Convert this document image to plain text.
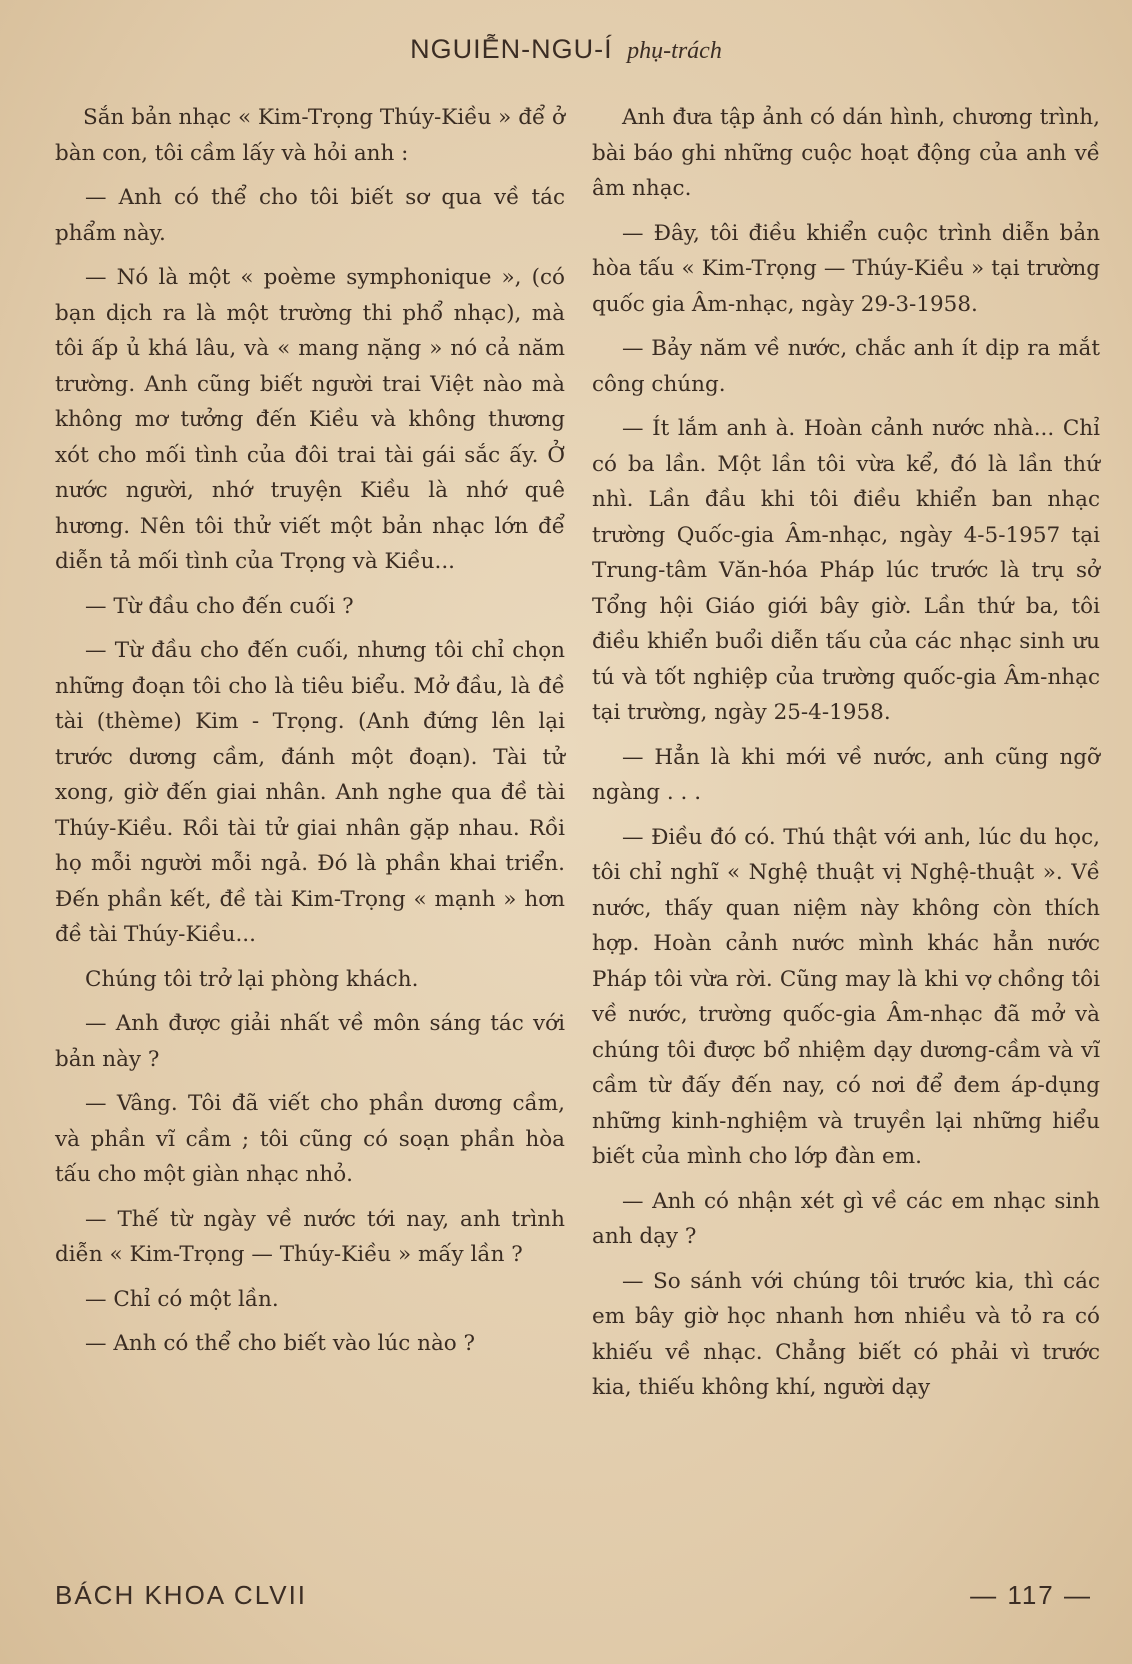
NGUIỄN-NGU-Í phụ-trách

Sắn bản nhạc « Kim-Trọng Thúy-Kiều » để ở bàn con, tôi cầm lấy và hỏi anh :

— Anh có thể cho tôi biết sơ qua về tác phẩm này.

— Nó là một « poème symphonique », (có bạn dịch ra là một trường thi phổ nhạc), mà tôi ấp ủ khá lâu, và « mang nặng » nó cả năm trường. Anh cũng biết người trai Việt nào mà không mơ tưởng đến Kiều và không thương xót cho mối tình của đôi trai tài gái sắc ấy. Ở nước người, nhớ truyện Kiều là nhớ quê hương. Nên tôi thử viết một bản nhạc lớn để diễn tả mối tình của Trọng và Kiều...

— Từ đầu cho đến cuối ?

— Từ đầu cho đến cuối, nhưng tôi chỉ chọn những đoạn tôi cho là tiêu biểu. Mở đầu, là đề tài (thème) Kim - Trọng. (Anh đứng lên lại trước dương cầm, đánh một đoạn). Tài tử xong, giờ đến giai nhân. Anh nghe qua đề tài Thúy-Kiều. Rồi tài tử giai nhân gặp nhau. Rồi họ mỗi người mỗi ngả. Đó là phần khai triển. Đến phần kết, đề tài Kim-Trọng « mạnh » hơn đề tài Thúy-Kiều...

Chúng tôi trở lại phòng khách.

— Anh được giải nhất về môn sáng tác với bản này ?

— Vâng. Tôi đã viết cho phần dương cầm, và phần vĩ cầm ; tôi cũng có soạn phần hòa tấu cho một giàn nhạc nhỏ.

— Thế từ ngày về nước tới nay, anh trình diễn « Kim-Trọng — Thúy-Kiều » mấy lần ?

— Chỉ có một lần.

— Anh có thể cho biết vào lúc nào ?

Anh đưa tập ảnh có dán hình, chương trình, bài báo ghi những cuộc hoạt động của anh về âm nhạc.

— Đây, tôi điều khiển cuộc trình diễn bản hòa tấu « Kim-Trọng — Thúy-Kiều » tại trường quốc gia Âm-nhạc, ngày 29-3-1958.

— Bảy năm về nước, chắc anh ít dịp ra mắt công chúng.

— Ít lắm anh à. Hoàn cảnh nước nhà... Chỉ có ba lần. Một lần tôi vừa kể, đó là lần thứ nhì. Lần đầu khi tôi điều khiển ban nhạc trường Quốc-gia Âm-nhạc, ngày 4-5-1957 tại Trung-tâm Văn-hóa Pháp lúc trước là trụ sở Tổng hội Giáo giới bây giờ. Lần thứ ba, tôi điều khiển buổi diễn tấu của các nhạc sinh ưu tú và tốt nghiệp của trường quốc-gia Âm-nhạc tại trường, ngày 25-4-1958.

— Hẳn là khi mới về nước, anh cũng ngỡ ngàng . . .

— Điều đó có. Thú thật với anh, lúc du học, tôi chỉ nghĩ « Nghệ thuật vị Nghệ-thuật ». Về nước, thấy quan niệm này không còn thích hợp. Hoàn cảnh nước mình khác hẳn nước Pháp tôi vừa rời. Cũng may là khi vợ chồng tôi về nước, trường quốc-gia Âm-nhạc đã mở và chúng tôi được bổ nhiệm dạy dương-cầm và vĩ cầm từ đấy đến nay, có nơi để đem áp-dụng những kinh-nghiệm và truyền lại những hiểu biết của mình cho lớp đàn em.

— Anh có nhận xét gì về các em nhạc sinh anh dạy ?

— So sánh với chúng tôi trước kia, thì các em bây giờ học nhanh hơn nhiều và tỏ ra có khiếu về nhạc. Chẳng biết có phải vì trước kia, thiếu không khí, người dạy

BÁCH KHOA CLVII	— 117 —
